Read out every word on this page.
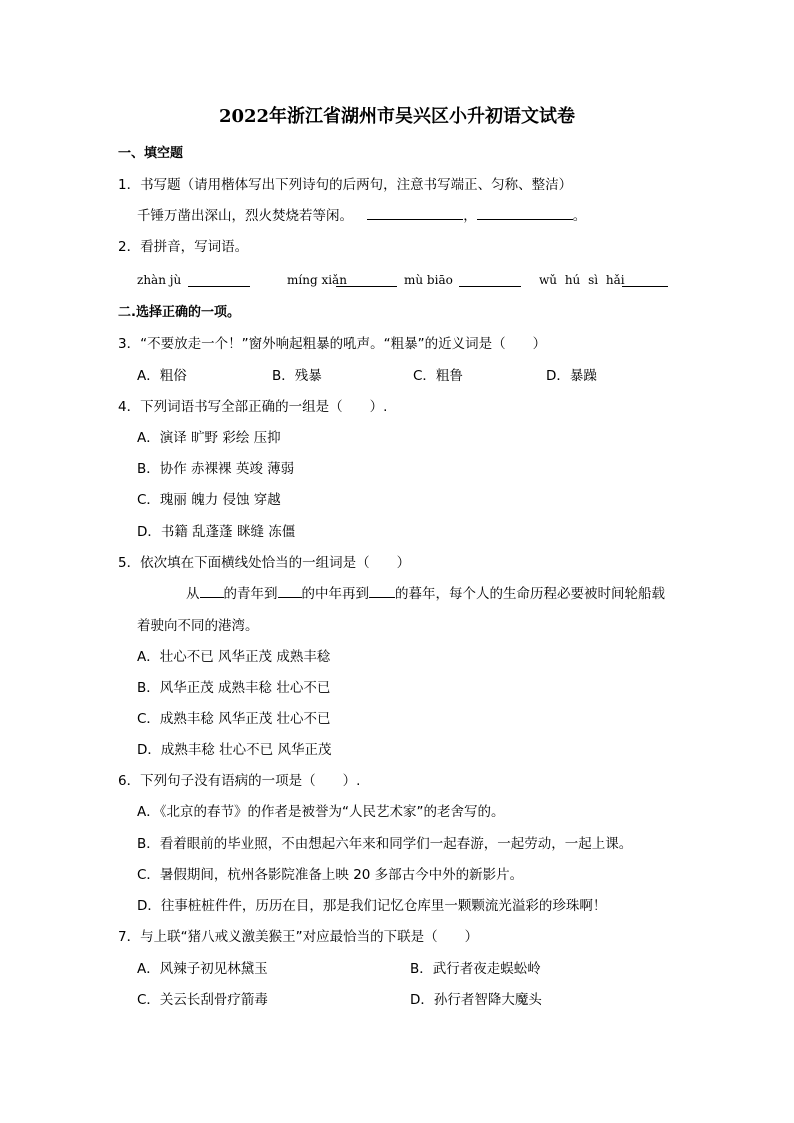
2022年浙江省湖州市吴兴区小升初语文试卷
一、填空题
1．书写题（请用楷体写出下列诗句的后两句，注意书写端正、匀称、整洁）
千锤万凿出深山，烈火焚烧若等闲。	，	。
2．看拼音，写词语。
zhàn jù	míng xiǎn	mù biāo	wǔ hú sì hǎi
二.选择正确的一项。
3．“不要放走一个！”窗外响起粗暴的吼声。“粗暴”的近义词是（　　）
A．粗俗	B．残暴	C．粗鲁	D．暴躁
4．下列词语书写全部正确的一组是（　　）.
A．演译 旷野 彩绘 压抑
B．协作 赤裸裸 英竣 薄弱
C．瑰丽 魄力 侵蚀 穿越
D．书籍 乱蓬蓬 眯缝 冻僵
5．依次填在下面横线处恰当的一组词是（　　）
从 的青年到 的中年再到 的暮年，每个人的生命历程必要被时间轮船载
着驶向不同的港湾。
A．壮心不已 风华正茂 成熟丰稔
B．风华正茂 成熟丰稔 壮心不已
C．成熟丰稔 风华正茂 壮心不已
D．成熟丰稔 壮心不已 风华正茂
6．下列句子没有语病的一项是（　　）.
A．《北京的春节》的作者是被誉为“人民艺术家”的老舍写的。
B．看着眼前的毕业照，不由想起六年来和同学们一起春游，一起劳动，一起上课。
C．暑假期间，杭州各影院准备上映 20 多部古今中外的新影片。
D．往事桩桩件件，历历在目，那是我们记忆仓库里一颗颗流光溢彩的珍珠啊！
7．与上联“猪八戒义激美猴王”对应最恰当的下联是（　　）
A．风辣子初见林黛玉	B．武行者夜走蜈蚣岭
C．关云长刮骨疗箭毒	D．孙行者智降大魔头
